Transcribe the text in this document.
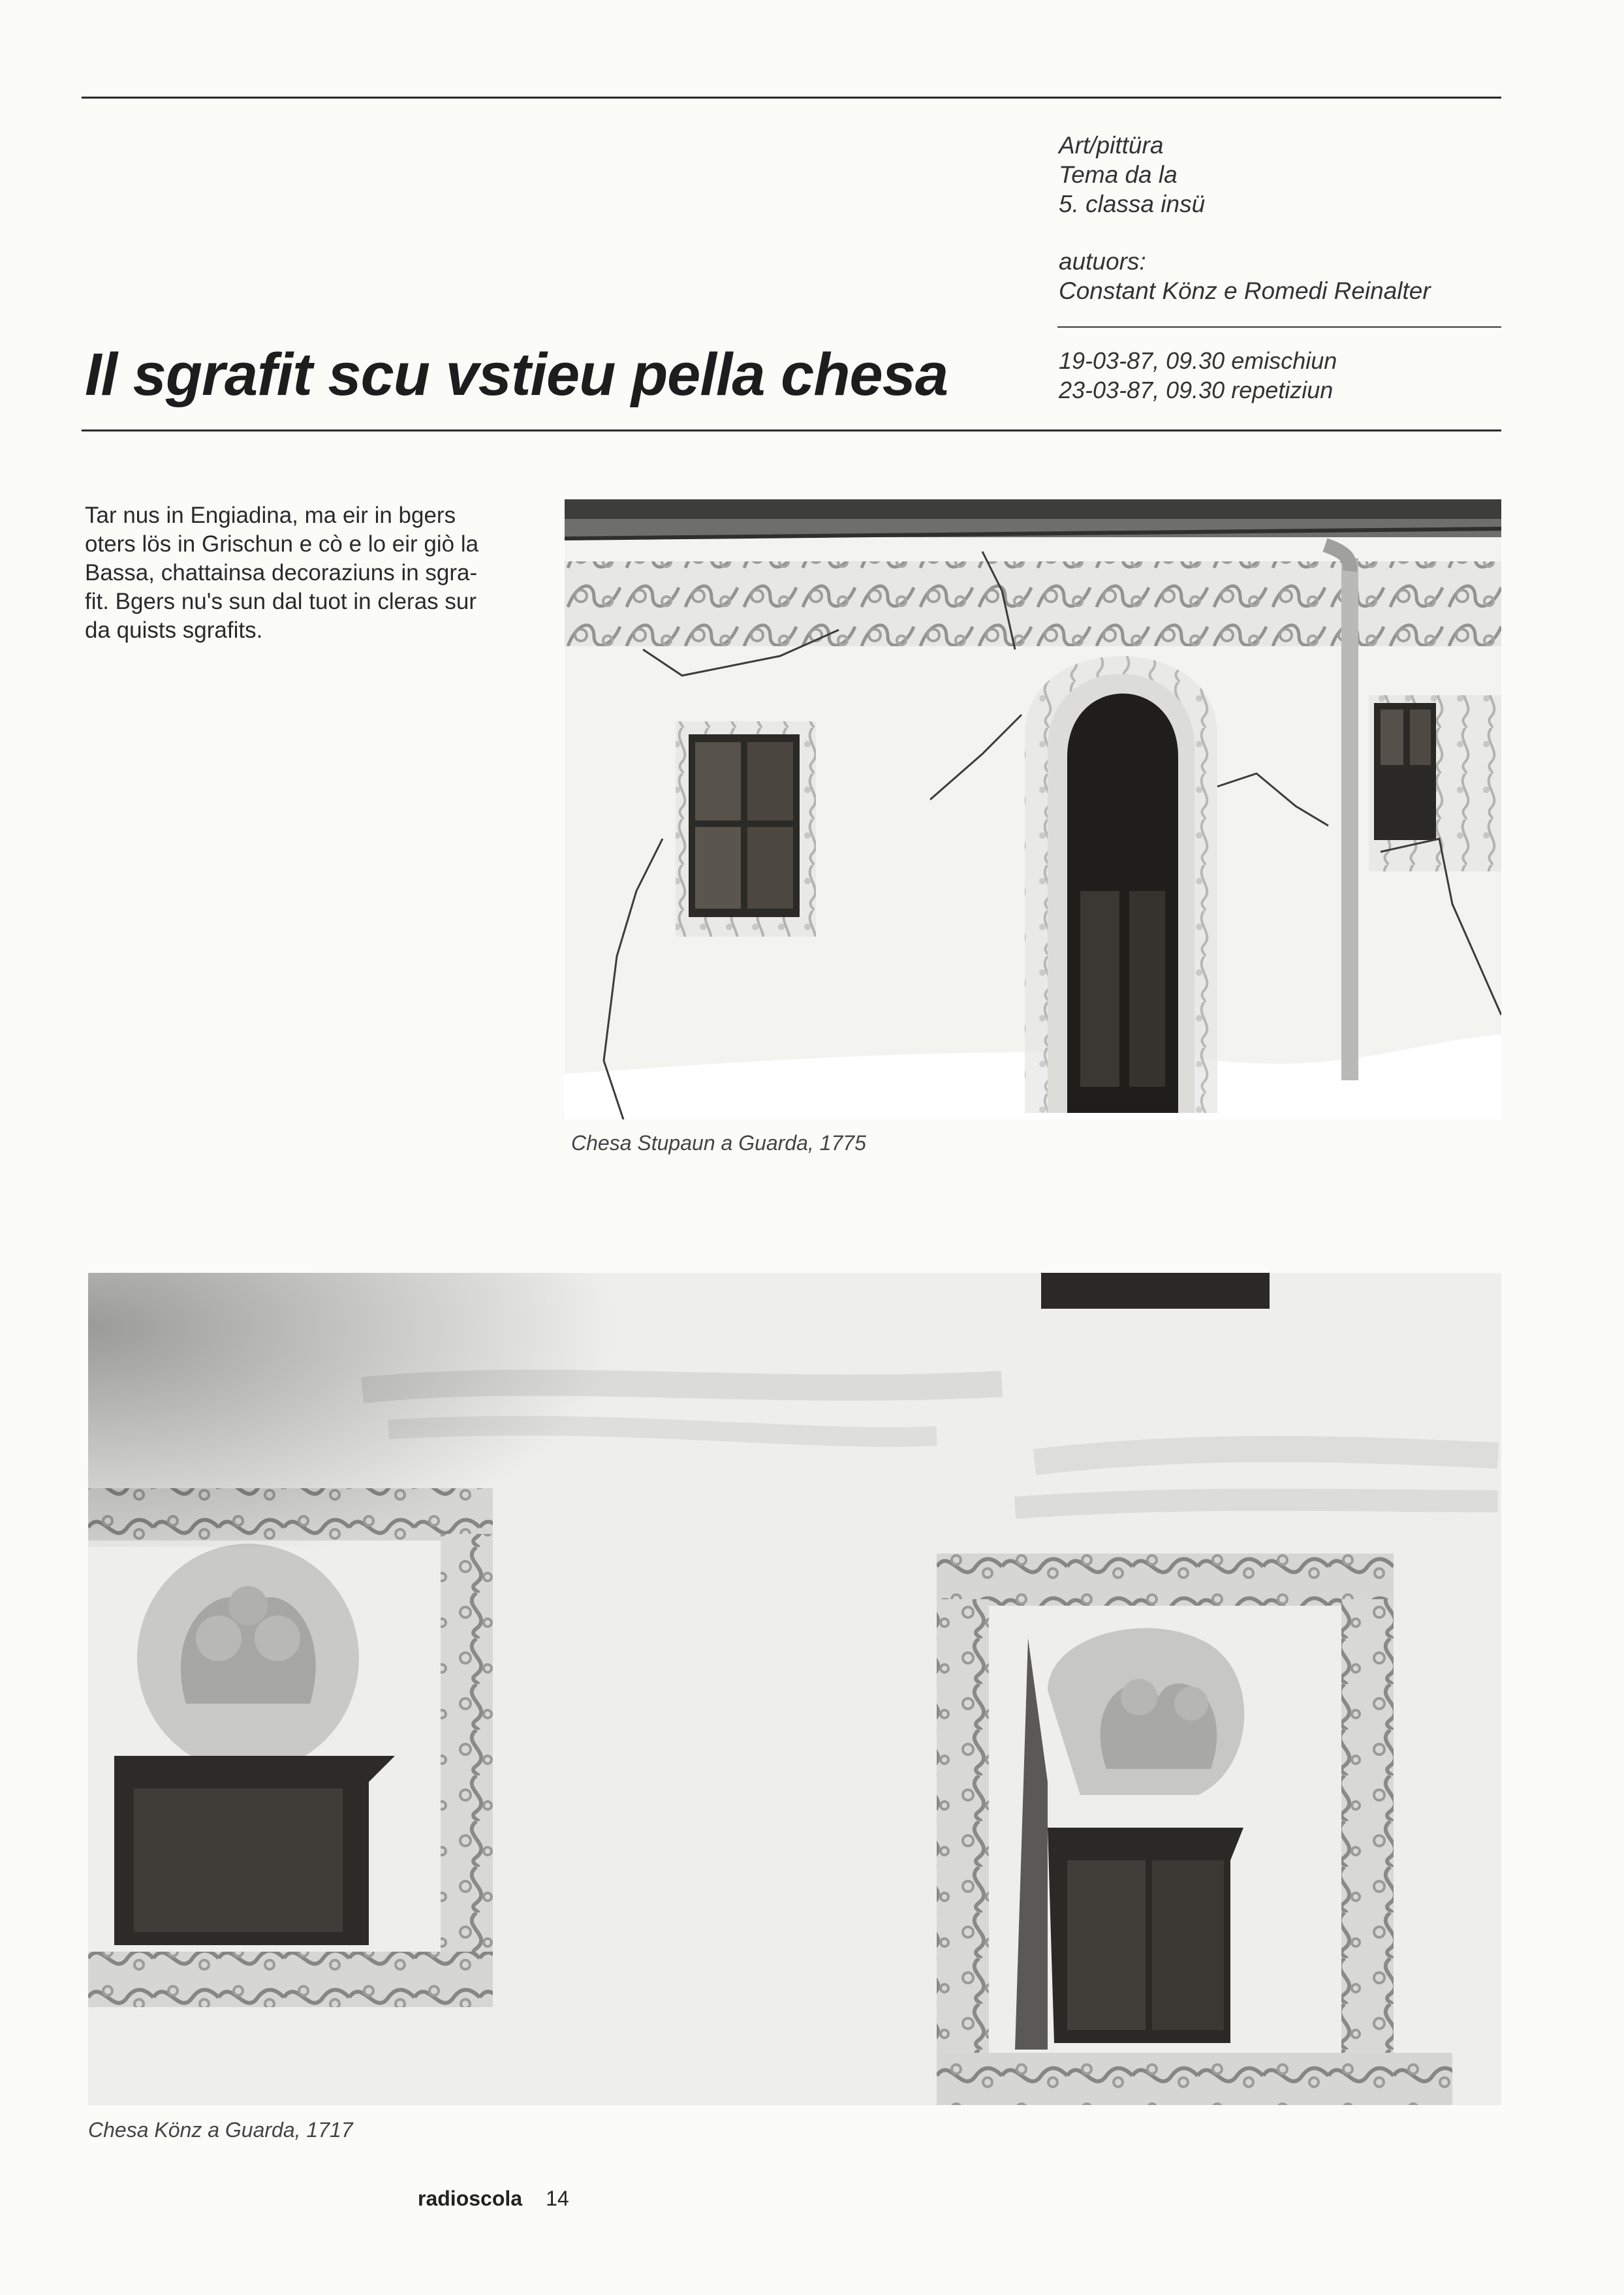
Art/pittüra
Tema da la
5. classa insü
autuors:
Constant Könz e Romedi Reinalter
Il sgrafit scu vstieu pella chesa	19-03-87, 09.30 emischiun
23-03-87, 09.30 repetiziun
Tar nus in Engiadina, ma eir in bgers
oters lös in Grischun e cò e lo eir giò la
Bassa, chattainsa decoraziuns in sgra-
fit. Bgers nu's sun dal tuot in cleras sur
da quists sgrafits.
Chesa Stupaun a Guarda, 1775
Chesa Könz a Guarda, 1717
radioscola 14
